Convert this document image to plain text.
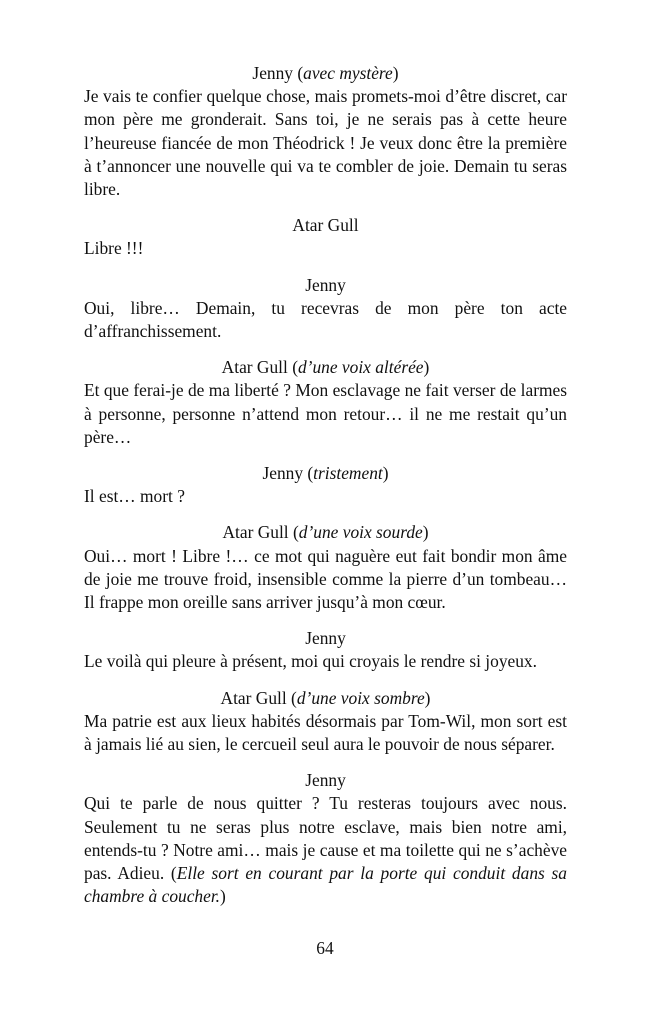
Jenny (avec mystère)

Je vais te confier quelque chose, mais promets-moi d’être discret, car mon père me gronderait. Sans toi, je ne serais pas à cette heure l’heureuse fiancée de mon Théodrick ! Je veux donc être la première à t’annoncer une nouvelle qui va te combler de joie. Demain tu seras libre.

Atar Gull

Libre !!!

Jenny

Oui, libre… Demain, tu recevras de mon père ton acte d’affranchissement.

Atar Gull (d’une voix altérée)

Et que ferai-je de ma liberté ? Mon esclavage ne fait verser de larmes à personne, personne n’attend mon retour… il ne me restait qu’un père…

Jenny (tristement)

Il est… mort ?

Atar Gull (d’une voix sourde)

Oui… mort ! Libre !… ce mot qui naguère eut fait bondir mon âme de joie me trouve froid, insensible comme la pierre d’un tombeau… Il frappe mon oreille sans arriver jusqu’à mon cœur.

Jenny

Le voilà qui pleure à présent, moi qui croyais le rendre si joyeux.

Atar Gull (d’une voix sombre)

Ma patrie est aux lieux habités désormais par Tom-Wil, mon sort est à jamais lié au sien, le cercueil seul aura le pouvoir de nous séparer.

Jenny

Qui te parle de nous quitter ? Tu resteras toujours avec nous. Seulement tu ne seras plus notre esclave, mais bien notre ami, entends-tu ? Notre ami… mais je cause et ma toilette qui ne s’achève pas. Adieu. (Elle sort en courant par la porte qui conduit dans sa chambre à coucher.)

64
